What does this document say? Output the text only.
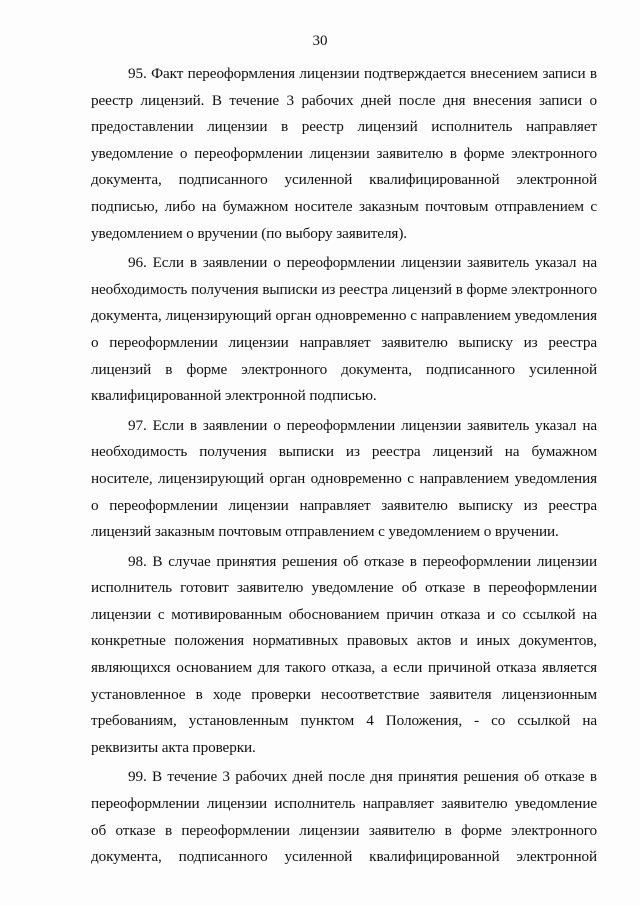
30

95. Факт переоформления лицензии подтверждается внесением записи в реестр лицензий. В течение 3 рабочих дней после дня внесения записи о предоставлении лицензии в реестр лицензий исполнитель направляет уведомление о переоформлении лицензии заявителю в форме электронного документа, подписанного усиленной квалифицированной электронной подписью, либо на бумажном носителе заказным почтовым отправлением с уведомлением о вручении (по выбору заявителя).

96. Если в заявлении о переоформлении лицензии заявитель указал на необходимость получения выписки из реестра лицензий в форме электронного документа, лицензирующий орган одновременно с направлением уведомления о переоформлении лицензии направляет заявителю выписку из реестра лицензий в форме электронного документа, подписанного усиленной квалифицированной электронной подписью.

97. Если в заявлении о переоформлении лицензии заявитель указал на необходимость получения выписки из реестра лицензий на бумажном носителе, лицензирующий орган одновременно с направлением уведомления о переоформлении лицензии направляет заявителю выписку из реестра лицензий заказным почтовым отправлением с уведомлением о вручении.

98. В случае принятия решения об отказе в переоформлении лицензии исполнитель готовит заявителю уведомление об отказе в переоформлении лицензии с мотивированным обоснованием причин отказа и со ссылкой на конкретные положения нормативных правовых актов и иных документов, являющихся основанием для такого отказа, а если причиной отказа является установленное в ходе проверки несоответствие заявителя лицензионным требованиям, установленным пунктом 4 Положения, - со ссылкой на реквизиты акта проверки.

99. В течение 3 рабочих дней после дня принятия решения об отказе в переоформлении лицензии исполнитель направляет заявителю уведомление об отказе в переоформлении лицензии заявителю в форме электронного документа, подписанного усиленной квалифицированной электронной
